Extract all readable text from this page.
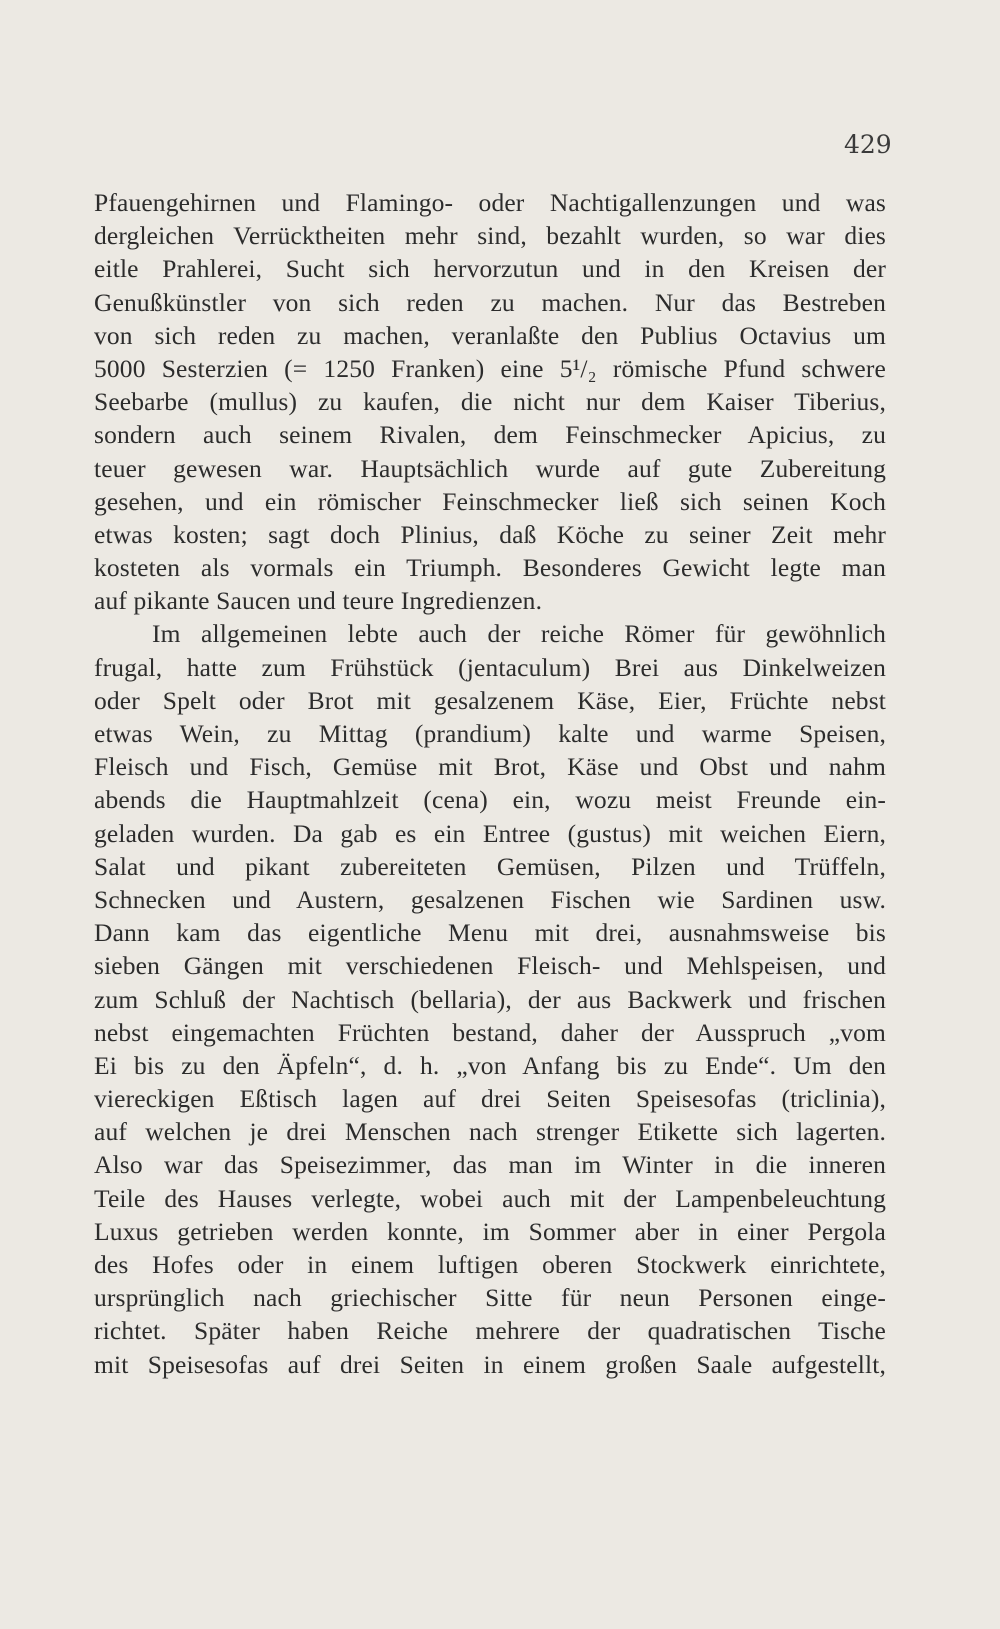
429

Pfauengehirnen und Flamingo- oder Nachtigallenzungen und was
dergleichen Verrücktheiten mehr sind, bezahlt wurden, so war dies
eitle Prahlerei, Sucht sich hervorzutun und in den Kreisen der
Genußkünstler von sich reden zu machen. Nur das Bestreben
von sich reden zu machen, veranlaßte den Publius Octavius um
5000 Sesterzien (= 1250 Franken) eine 5¹/₂ römische Pfund schwere
Seebarbe (mullus) zu kaufen, die nicht nur dem Kaiser Tiberius,
sondern auch seinem Rivalen, dem Feinschmecker Apicius, zu
teuer gewesen war. Hauptsächlich wurde auf gute Zubereitung
gesehen, und ein römischer Feinschmecker ließ sich seinen Koch
etwas kosten; sagt doch Plinius, daß Köche zu seiner Zeit mehr
kosteten als vormals ein Triumph. Besonderes Gewicht legte man
auf pikante Saucen und teure Ingredienzen.
Im allgemeinen lebte auch der reiche Römer für gewöhnlich
frugal, hatte zum Frühstück (jentaculum) Brei aus Dinkelweizen
oder Spelt oder Brot mit gesalzenem Käse, Eier, Früchte nebst
etwas Wein, zu Mittag (prandium) kalte und warme Speisen,
Fleisch und Fisch, Gemüse mit Brot, Käse und Obst und nahm
abends die Hauptmahlzeit (cena) ein, wozu meist Freunde ein-
geladen wurden. Da gab es ein Entree (gustus) mit weichen Eiern,
Salat und pikant zubereiteten Gemüsen, Pilzen und Trüffeln,
Schnecken und Austern, gesalzenen Fischen wie Sardinen usw.
Dann kam das eigentliche Menu mit drei, ausnahmsweise bis
sieben Gängen mit verschiedenen Fleisch- und Mehlspeisen, und
zum Schluß der Nachtisch (bellaria), der aus Backwerk und frischen
nebst eingemachten Früchten bestand, daher der Ausspruch „vom
Ei bis zu den Äpfeln“, d. h. „von Anfang bis zu Ende“. Um den
viereckigen Eßtisch lagen auf drei Seiten Speisesofas (triclinia),
auf welchen je drei Menschen nach strenger Etikette sich lagerten.
Also war das Speisezimmer, das man im Winter in die inneren
Teile des Hauses verlegte, wobei auch mit der Lampenbeleuchtung
Luxus getrieben werden konnte, im Sommer aber in einer Pergola
des Hofes oder in einem luftigen oberen Stockwerk einrichtete,
ursprünglich nach griechischer Sitte für neun Personen einge-
richtet. Später haben Reiche mehrere der quadratischen Tische
mit Speisesofas auf drei Seiten in einem großen Saale aufgestellt,
